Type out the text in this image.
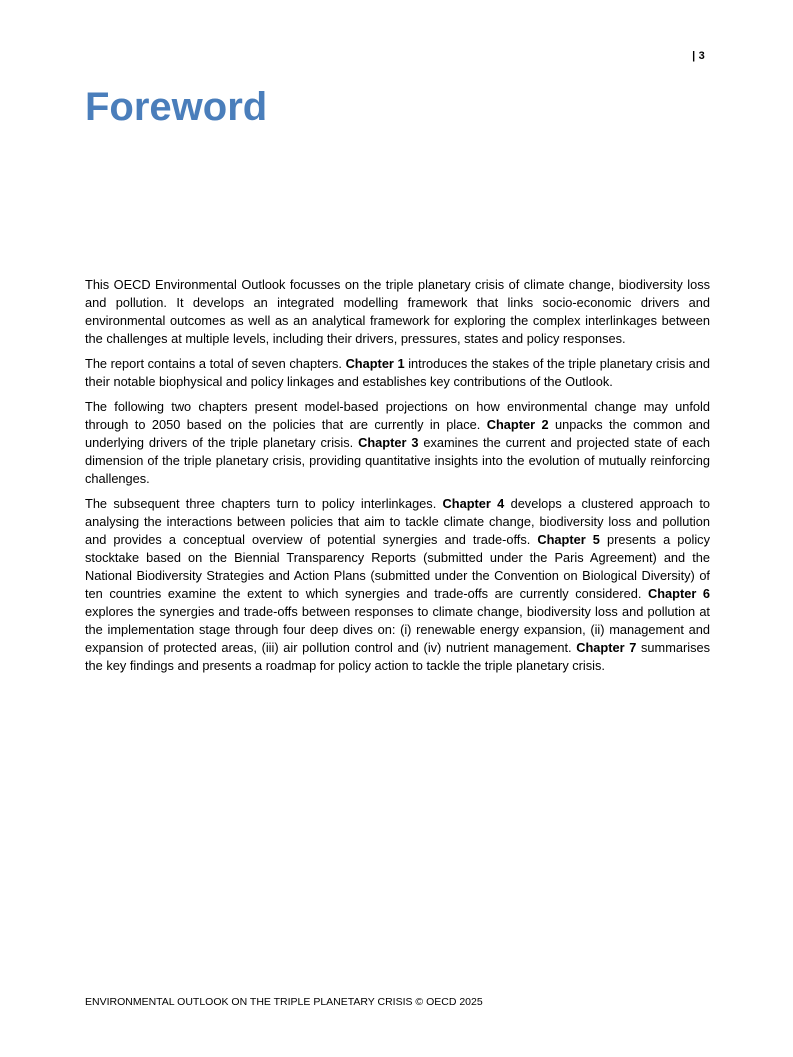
| 3
Foreword

This OECD Environmental Outlook focusses on the triple planetary crisis of climate change, biodiversity loss and pollution. It develops an integrated modelling framework that links socio-economic drivers and environmental outcomes as well as an analytical framework for exploring the complex interlinkages between the challenges at multiple levels, including their drivers, pressures, states and policy responses.

The report contains a total of seven chapters. Chapter 1 introduces the stakes of the triple planetary crisis and their notable biophysical and policy linkages and establishes key contributions of the Outlook.

The following two chapters present model-based projections on how environmental change may unfold through to 2050 based on the policies that are currently in place. Chapter 2 unpacks the common and underlying drivers of the triple planetary crisis. Chapter 3 examines the current and projected state of each dimension of the triple planetary crisis, providing quantitative insights into the evolution of mutually reinforcing challenges.

The subsequent three chapters turn to policy interlinkages. Chapter 4 develops a clustered approach to analysing the interactions between policies that aim to tackle climate change, biodiversity loss and pollution and provides a conceptual overview of potential synergies and trade-offs. Chapter 5 presents a policy stocktake based on the Biennial Transparency Reports (submitted under the Paris Agreement) and the National Biodiversity Strategies and Action Plans (submitted under the Convention on Biological Diversity) of ten countries examine the extent to which synergies and trade-offs are currently considered. Chapter 6 explores the synergies and trade-offs between responses to climate change, biodiversity loss and pollution at the implementation stage through four deep dives on: (i) renewable energy expansion, (ii) management and expansion of protected areas, (iii) air pollution control and (iv) nutrient management. Chapter 7 summarises the key findings and presents a roadmap for policy action to tackle the triple planetary crisis.

ENVIRONMENTAL OUTLOOK ON THE TRIPLE PLANETARY CRISIS © OECD 2025
